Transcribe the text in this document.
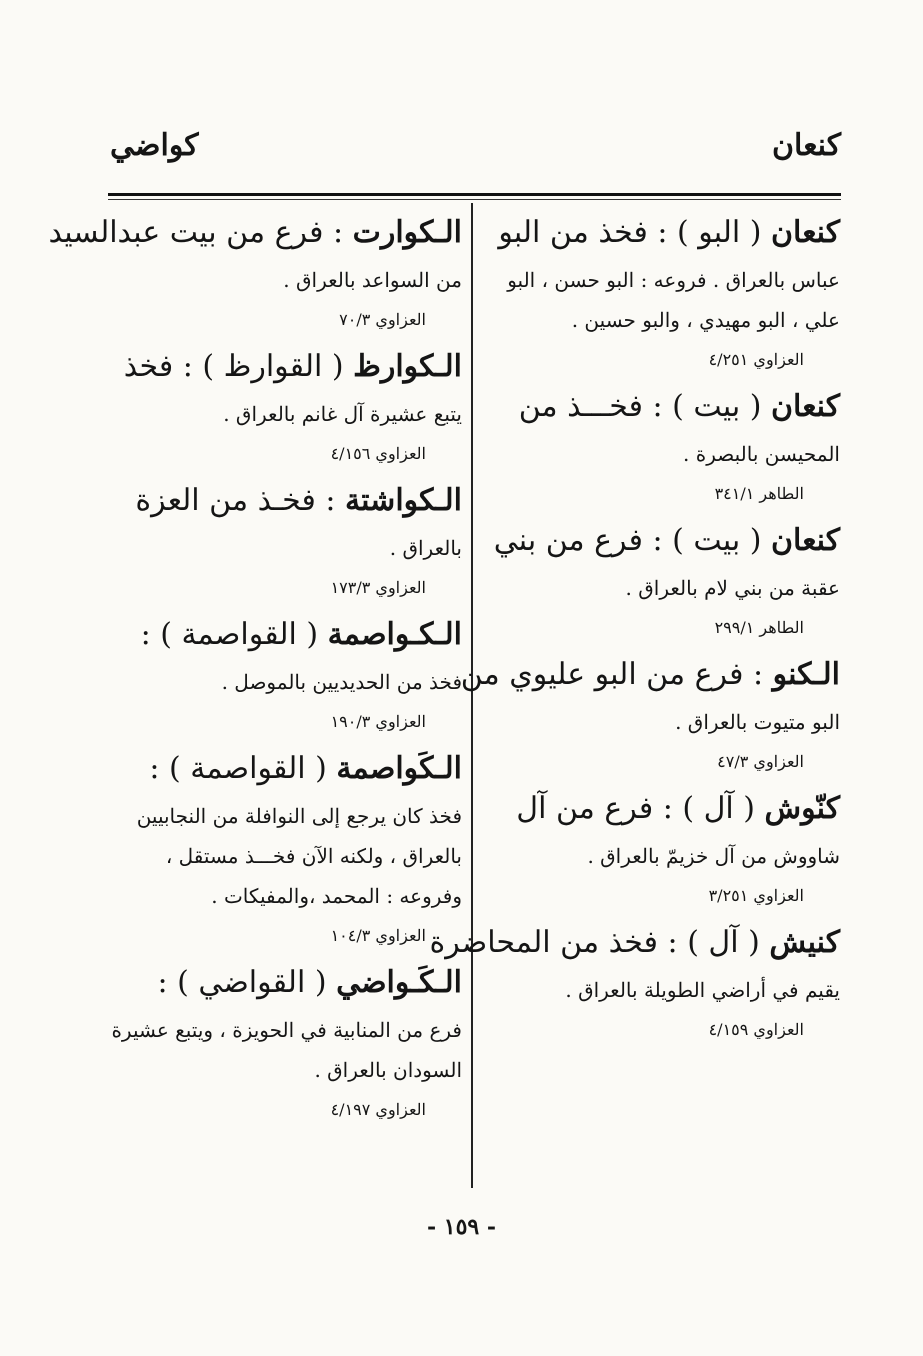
كنعان
كواضي
كنعان ( البو ) : فخذ من البو
عباس بالعراق . فروعه : البو حسن ، البو
علي ، البو مهيدي ، والبو حسين .
العزاوي ٤/٢٥١
كنعان ( بيت ) : فخـــذ من
المحيسن بالبصرة .
الطاهر ٣٤١/١
كنعان ( بيت ) : فرع من بني
عقبة من بني لام بالعراق .
الطاهر ٢٩٩/١
الـكنو : فرع من البو عليوي من
البو متيوت بالعراق .
العزاوي ٤٧/٣
كنّوش ( آل ) : فرع من آل
شاووش من آل خزيمّ بالعراق .
العزاوي ٣/٢٥١
كنيش ( آل ) : فخذ من المحاضرة
يقيم في أراضي الطويلة بالعراق .
العزاوي ٤/١٥٩
الـكوارت : فرع من بيت عبدالسيد
من السواعد بالعراق .
العزاوي ٧٠/٣
الـكوارظ ( القوارظ ) : فخذ
يتبع عشيرة آل غانم بالعراق .
العزاوي ٤/١٥٦
الـكواشتة : فخـذ من العزة
بالعراق .
العزاوي ١٧٣/٣
الـكـواصمة ( القواصمة ) :
فخذ من الحديديين بالموصل .
العزاوي ١٩٠/٣
الـكَواصمة ( القواصمة ) :
فخذ كان يرجع إلى النوافلة من النجابيين
بالعراق ، ولكنه الآن فخـــذ مستقل ،
وفروعه : المحمد ،والمفيكات .
العزاوي ١٠٤/٣
الـكَـواضي ( القواضي ) :
فرع من المنابية في الحويزة ، ويتبع عشيرة
السودان بالعراق .
العزاوي ٤/١٩٧
- ١٥٩ -
